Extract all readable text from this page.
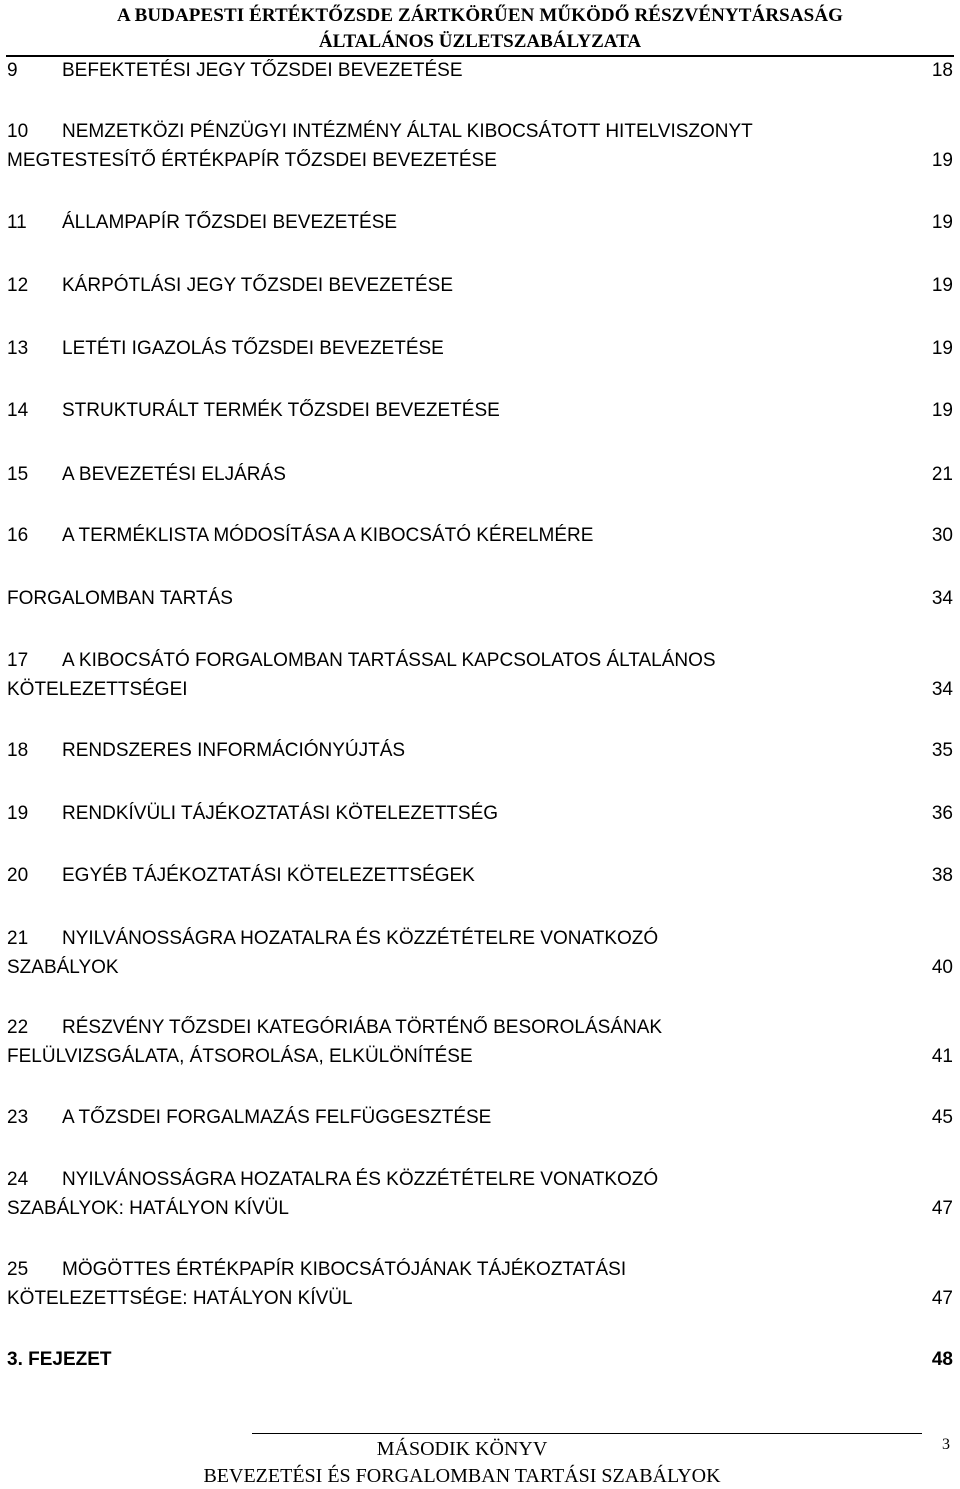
A BUDAPESTI ÉRTÉKTŐZSDE ZÁRTKÖRŰEN MŰKÖDŐ RÉSZVÉNYTÁRSASÁG
ÁLTALÁNOS ÜZLETSZABÁLYZATA
9 BEFEKTETÉSI JEGY TŐZSDEI BEVEZETÉSE	18
10 NEMZETKÖZI PÉNZÜGYI INTÉZMÉNY ÁLTAL KIBOCSÁTOTT HITELVISZONYT
MEGTESTESÍTŐ ÉRTÉKPAPÍR TŐZSDEI BEVEZETÉSE	19
11 ÁLLAMPAPÍR TŐZSDEI BEVEZETÉSE	19
12 KÁRPÓTLÁSI JEGY TŐZSDEI BEVEZETÉSE	19
13 LETÉTI IGAZOLÁS TŐZSDEI BEVEZETÉSE	19
14 STRUKTURÁLT TERMÉK TŐZSDEI BEVEZETÉSE	19
15 A BEVEZETÉSI ELJÁRÁS	21
16 A TERMÉKLISTA MÓDOSÍTÁSA A KIBOCSÁTÓ KÉRELMÉRE	30
FORGALOMBAN TARTÁS	34
17 A KIBOCSÁTÓ FORGALOMBAN TARTÁSSAL KAPCSOLATOS ÁLTALÁNOS
KÖTELEZETTSÉGEI	34
18 RENDSZERES INFORMÁCIÓNYÚJTÁS	35
19 RENDKÍVÜLI TÁJÉKOZTATÁSI KÖTELEZETTSÉG	36
20 EGYÉB TÁJÉKOZTATÁSI KÖTELEZETTSÉGEK	38
21 NYILVÁNOSSÁGRA HOZATALRA ÉS KÖZZÉTÉTELRE VONATKOZÓ
SZABÁLYOK	40
22 RÉSZVÉNY TŐZSDEI KATEGÓRIÁBA TÖRTÉNŐ BESOROLÁSÁNAK
FELÜLVIZSGÁLATA, ÁTSOROLÁSA, ELKÜLÖNÍTÉSE	41
23 A TŐZSDEI FORGALMAZÁS FELFÜGGESZTÉSE	45
24 NYILVÁNOSSÁGRA HOZATALRA ÉS KÖZZÉTÉTELRE VONATKOZÓ
SZABÁLYOK: HATÁLYON KÍVÜL	47
25 MÖGÖTTES ÉRTÉKPAPÍR KIBOCSÁTÓJÁNAK TÁJÉKOZTATÁSI
KÖTELEZETTSÉGE: HATÁLYON KÍVÜL	47
3. FEJEZET	48
MÁSODIK KÖNYV
BEVEZETÉSI ÉS FORGALOMBAN TARTÁSI SZABÁLYOK
3
